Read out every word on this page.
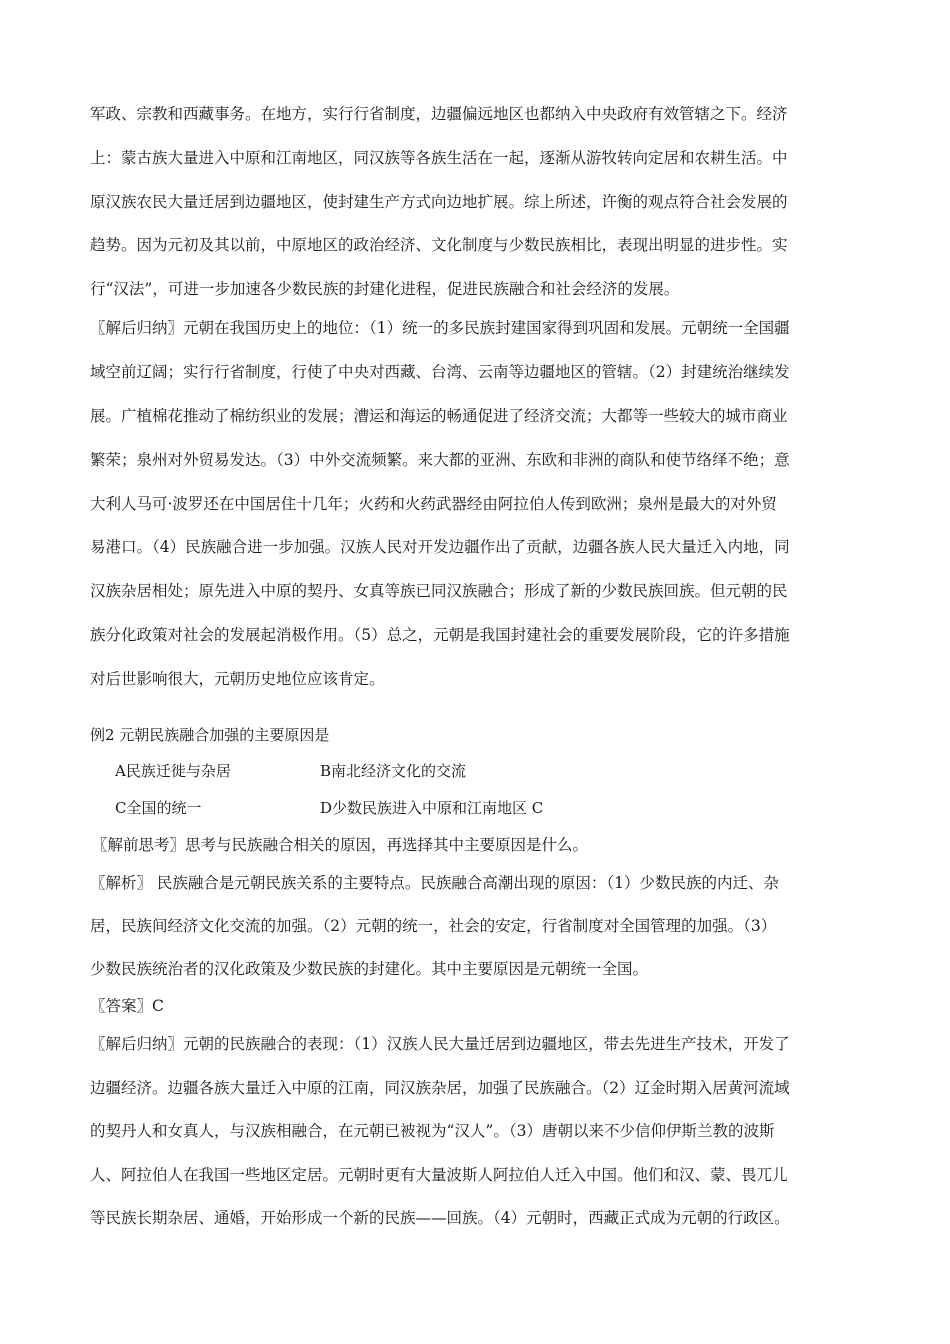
军政、宗教和西藏事务。在地方，实行行省制度，边疆偏远地区也都纳入中央政府有效管辖之下。经济
上：蒙古族大量进入中原和江南地区，同汉族等各族生活在一起，逐渐从游牧转向定居和农耕生活。中
原汉族农民大量迁居到边疆地区，使封建生产方式向边地扩展。综上所述，许衡的观点符合社会发展的
趋势。因为元初及其以前，中原地区的政治经济、文化制度与少数民族相比，表现出明显的进步性。实
行“汉法”，可进一步加速各少数民族的封建化进程，促进民族融合和社会经济的发展。
〖解后归纳〗元朝在我国历史上的地位：（1）统一的多民族封建国家得到巩固和发展。元朝统一全国疆
域空前辽阔；实行行省制度，行使了中央对西藏、台湾、云南等边疆地区的管辖。（2）封建统治继续发
展。广植棉花推动了棉纺织业的发展；漕运和海运的畅通促进了经济交流；大都等一些较大的城市商业
繁荣；泉州对外贸易发达。（3）中外交流频繁。来大都的亚洲、东欧和非洲的商队和使节络绎不绝；意
大利人马可·波罗还在中国居住十几年；火药和火药武器经由阿拉伯人传到欧洲；泉州是最大的对外贸
易港口。（4）民族融合进一步加强。汉族人民对开发边疆作出了贡献，边疆各族人民大量迁入内地，同
汉族杂居相处；原先进入中原的契丹、女真等族已同汉族融合；形成了新的少数民族回族。但元朝的民
族分化政策对社会的发展起消极作用。（5）总之，元朝是我国封建社会的重要发展阶段，它的许多措施
对后世影响很大，元朝历史地位应该肯定。
例2 元朝民族融合加强的主要原因是
A民族迁徙与杂居	B南北经济文化的交流
C全国的统一	D少数民族进入中原和江南地区 C
〖解前思考〗思考与民族融合相关的原因，再选择其中主要原因是什么。
〖解析〗 民族融合是元朝民族关系的主要特点。民族融合高潮出现的原因：（1）少数民族的内迁、杂
居，民族间经济文化交流的加强。（2）元朝的统一，社会的安定，行省制度对全国管理的加强。（3）
少数民族统治者的汉化政策及少数民族的封建化。其中主要原因是元朝统一全国。
〖答案〗C
〖解后归纳〗元朝的民族融合的表现：（1）汉族人民大量迁居到边疆地区，带去先进生产技术，开发了
边疆经济。边疆各族大量迁入中原的江南，同汉族杂居，加强了民族融合。（2）辽金时期入居黄河流域
的契丹人和女真人，与汉族相融合，在元朝已被视为“汉人”。（3）唐朝以来不少信仰伊斯兰教的波斯
人、阿拉伯人在我国一些地区定居。元朝时更有大量波斯人阿拉伯人迁入中国。他们和汉、蒙、畏兀儿
等民族长期杂居、通婚，开始形成一个新的民族——回族。（4）元朝时，西藏正式成为元朝的行政区。
